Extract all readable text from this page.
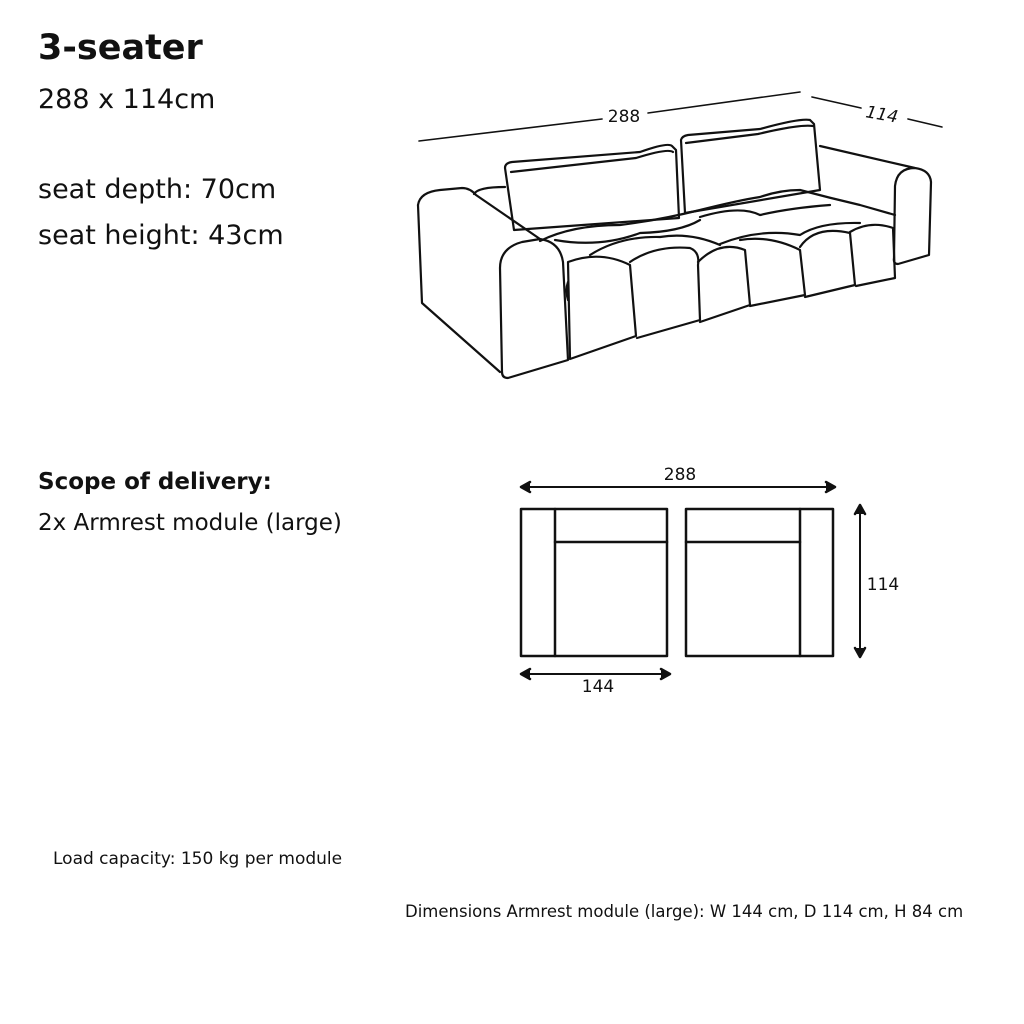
3-seater
288 x 114cm
seat depth: 70cm
seat height: 43cm
Scope of delivery:
2x Armrest module (large)
Load capacity: 150 kg per module
Dimensions Armrest module (large): W 144 cm, D 114 cm, H 84 cm
288	114
288
144
114
